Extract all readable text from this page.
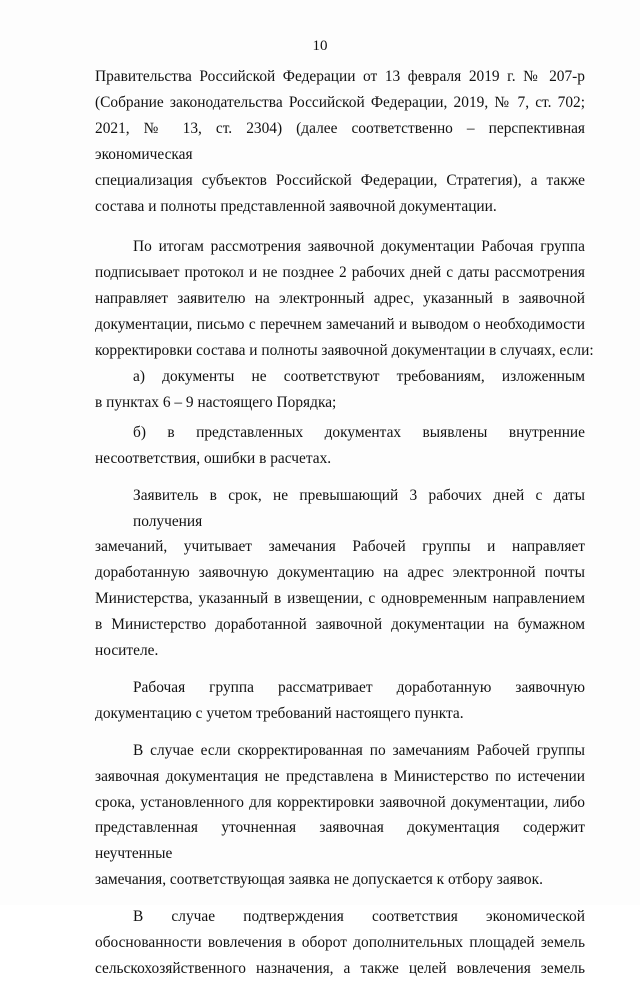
10
Правительства Российской Федерации от 13 февраля 2019 г. № 207-р
(Собрание законодательства Российской Федерации, 2019, № 7, ст. 702;
2021, № 13, ст. 2304) (далее соответственно – перспективная экономическая
специализация субъектов Российской Федерации, Стратегия), а также
состава и полноты представленной заявочной документации.
По итогам рассмотрения заявочной документации Рабочая группа
подписывает протокол и не позднее 2 рабочих дней с даты рассмотрения
направляет заявителю на электронный адрес, указанный в заявочной
документации, письмо с перечнем замечаний и выводом о необходимости
корректировки состава и полноты заявочной документации в случаях, если:
а) документы не соответствуют требованиям, изложенным
в пунктах 6 – 9 настоящего Порядка;
б) в представленных документах выявлены внутренние
несоответствия, ошибки в расчетах.
Заявитель в срок, не превышающий 3 рабочих дней с даты получения
замечаний, учитывает замечания Рабочей группы и направляет
доработанную заявочную документацию на адрес электронной почты
Министерства, указанный в извещении, с одновременным направлением
в Министерство доработанной заявочной документации на бумажном
носителе.
Рабочая группа рассматривает доработанную заявочную
документацию с учетом требований настоящего пункта.
В случае если скорректированная по замечаниям Рабочей группы
заявочная документация не представлена в Министерство по истечении
срока, установленного для корректировки заявочной документации, либо
представленная уточненная заявочная документация содержит неучтенные
замечания, соответствующая заявка не допускается к отбору заявок.
В случае подтверждения соответствия экономической
обоснованности вовлечения в оборот дополнительных площадей земель
сельскохозяйственного назначения, а также целей вовлечения земель
